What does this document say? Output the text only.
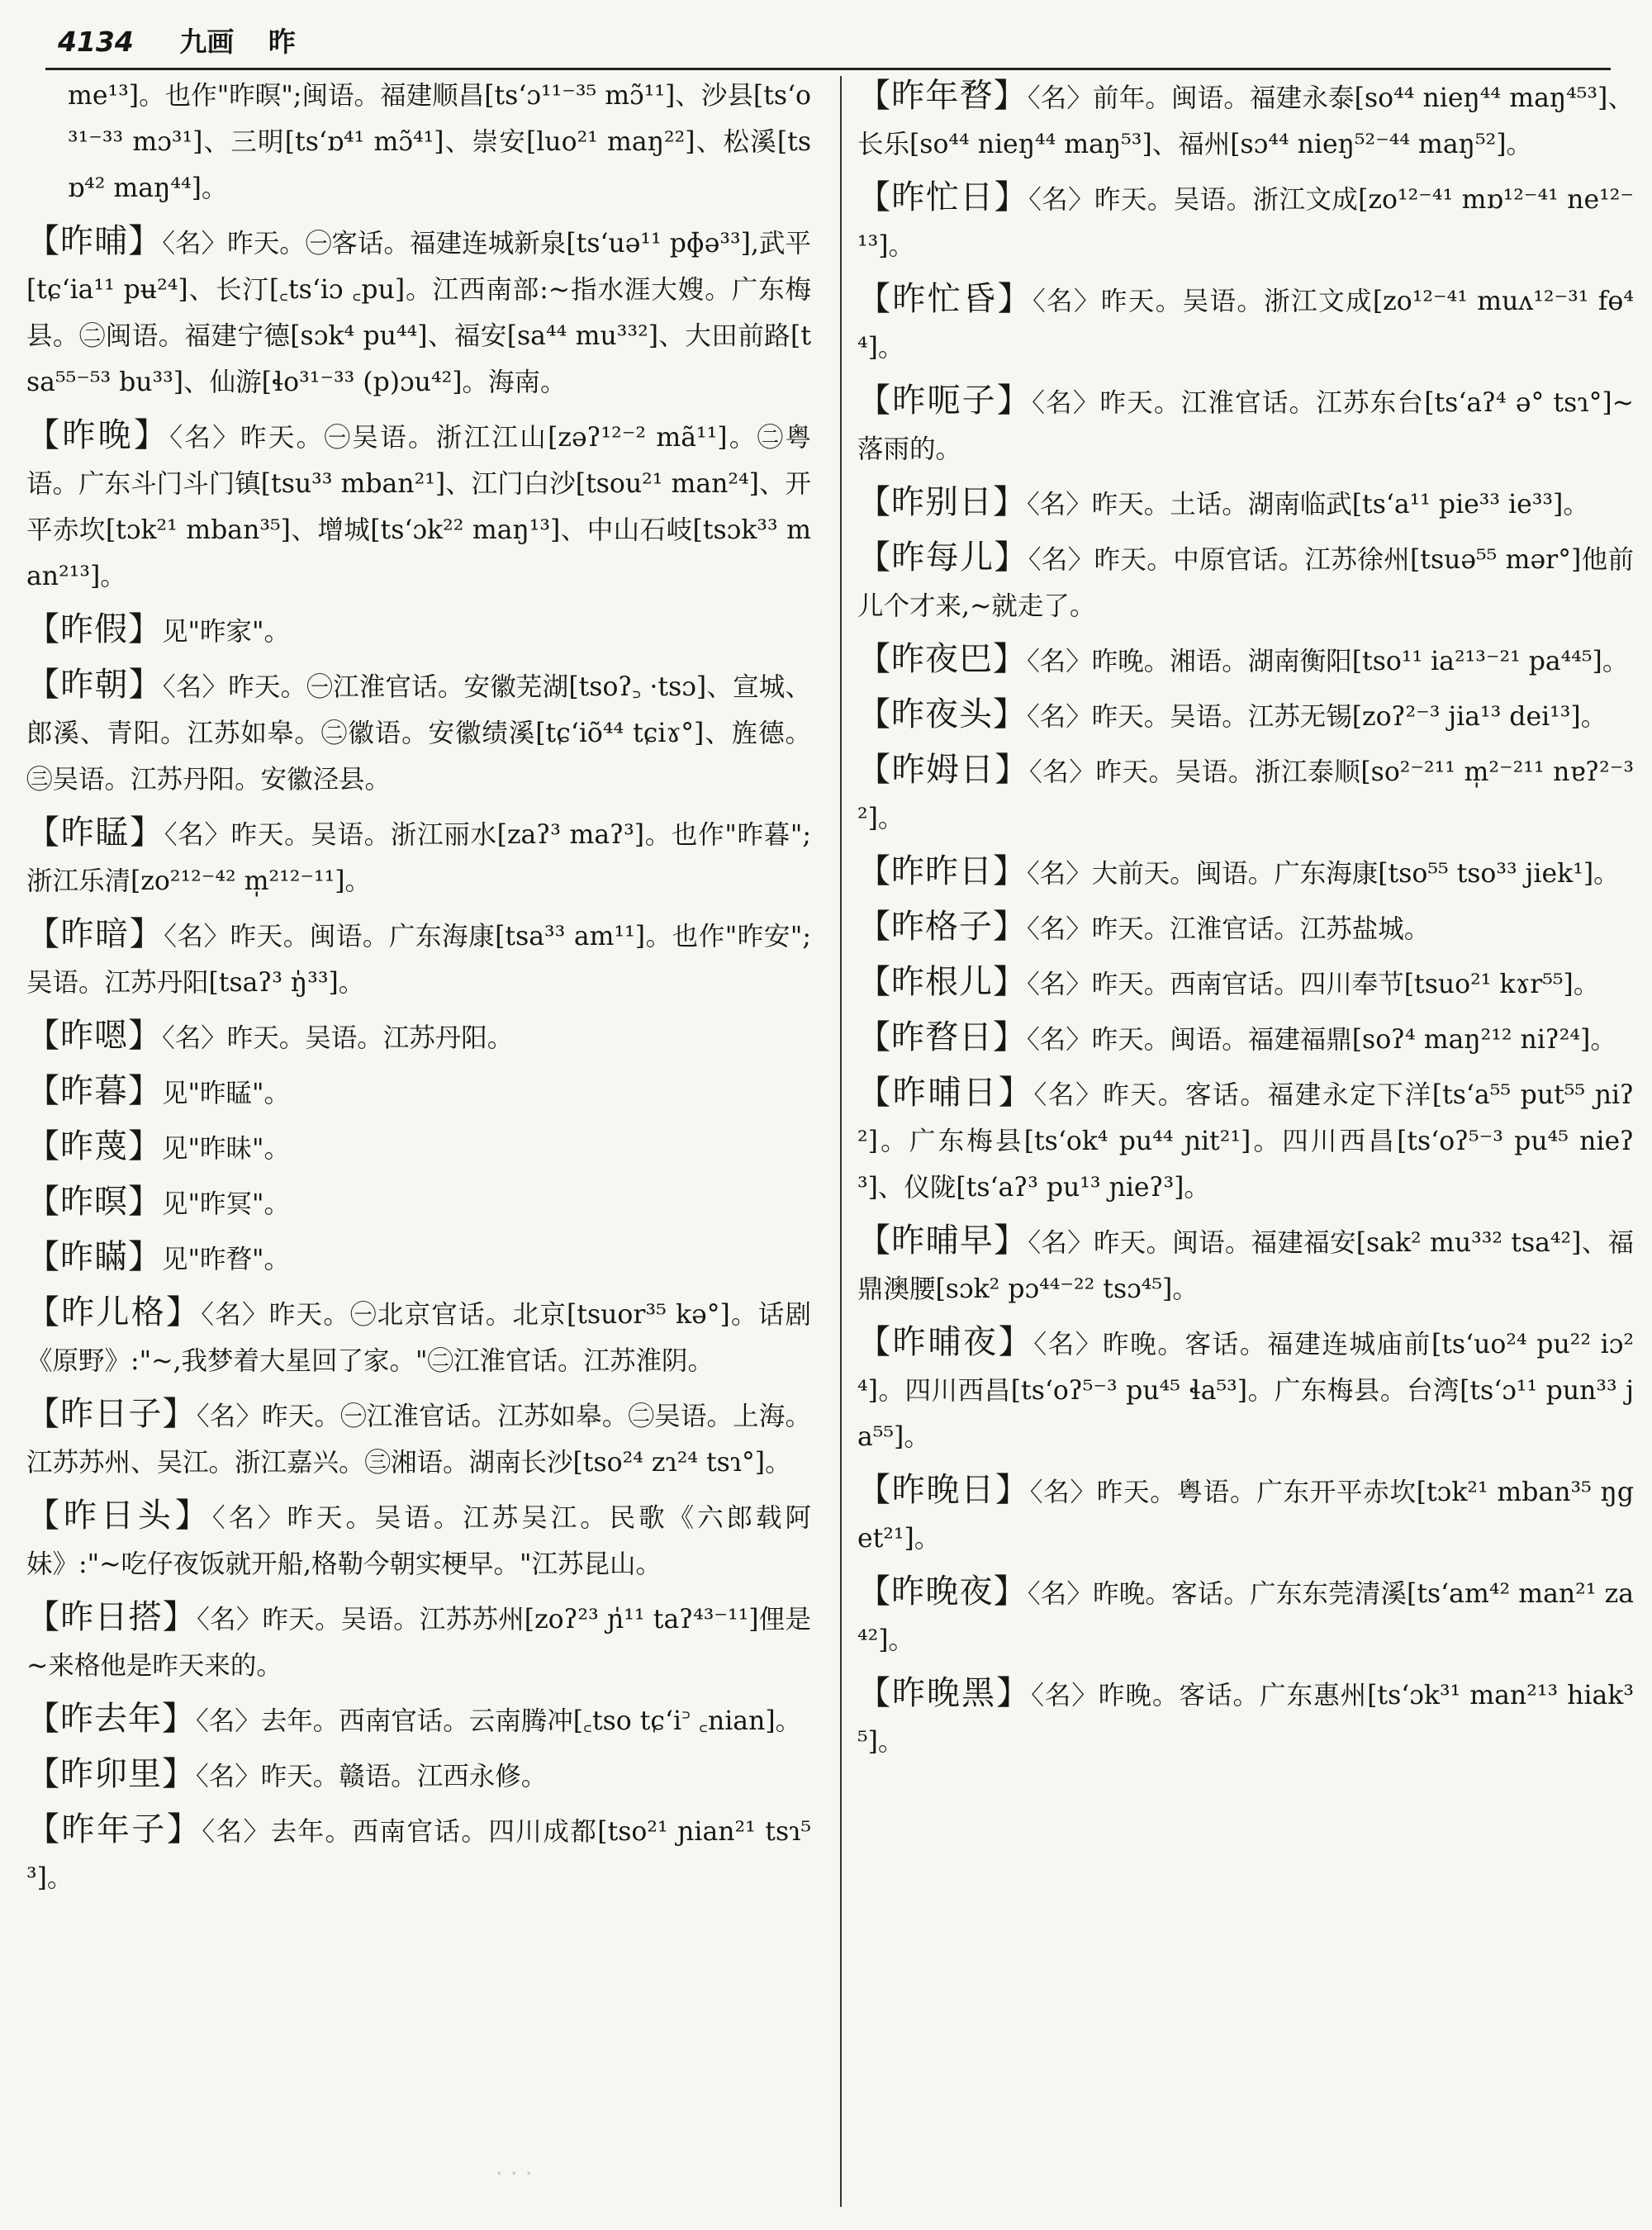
4134 九画 昨
me¹³]。也作"昨暝";闽语。福建顺昌[tsʻɔ¹¹⁻³⁵ mɔ̃¹¹]、沙县[tsʻo³¹⁻³³ mɔ³¹]、三明[tsʻɒ⁴¹ mɔ̃⁴¹]、崇安[luo²¹ maŋ²²]、松溪[tsɒ⁴² maŋ⁴⁴]。
【昨晡】〈名〉昨天。㊀客话。福建连城新泉[tsʻuə¹¹ pɸə³³],武平[tɕʻia¹¹ pʉ²⁴]、长汀[꜀tsʻiɔ ꜀pu]。江西南部:~指水涯大嫂。广东梅县。㊁闽语。福建宁德[sɔk⁴ pu⁴⁴]、福安[sa⁴⁴ mu³³²]、大田前路[tsa⁵⁵⁻⁵³ bu³³]、仙游[ɬo³¹⁻³³ (p)ɔu⁴²]。海南。
【昨晚】〈名〉昨天。㊀吴语。浙江江山[zəʔ¹²⁻² mã¹¹]。㊁粤语。广东斗门斗门镇[tsu³³ mban²¹]、江门白沙[tsou²¹ man²⁴]、开平赤坎[tɔk²¹ mban³⁵]、增城[tsʻɔk²² maŋ¹³]、中山石岐[tsɔk³³ man²¹³]。
【昨假】见"昨家"。
【昨朝】〈名〉昨天。㊀江淮官话。安徽芜湖[tsoʔ꜆ ·tsɔ]、宣城、郎溪、青阳。江苏如皋。㊁徽语。安徽绩溪[tɕʻiõ⁴⁴ tɕiɤ°]、旌德。㊂吴语。江苏丹阳。安徽泾县。
【昨䁅】〈名〉昨天。吴语。浙江丽水[zaʔ³ maʔ³]。也作"昨暮";浙江乐清[zo²¹²⁻⁴² m̩²¹²⁻¹¹]。
【昨暗】〈名〉昨天。闽语。广东海康[tsa³³ am¹¹]。也作"昨安";吴语。江苏丹阳[tsaʔ³ ŋ̍³³]。
【昨嗯】〈名〉昨天。吴语。江苏丹阳。
【昨暮】见"昨䁅"。
【昨蔑】见"昨昧"。
【昨暝】见"昨冥"。
【昨瞞】见"昨暓"。
【昨儿格】〈名〉昨天。㊀北京官话。北京[tsuor³⁵ kə°]。话剧《原野》:"~,我梦着大星回了家。"㊁江淮官话。江苏淮阴。
【昨日子】〈名〉昨天。㊀江淮官话。江苏如皋。㊁吴语。上海。江苏苏州、吴江。浙江嘉兴。㊂湘语。湖南长沙[tso²⁴ zɿ²⁴ tsɿ°]。
【昨日头】〈名〉昨天。吴语。江苏吴江。民歌《六郎载阿妹》:"~吃仔夜饭就开船,格勒今朝实梗早。"江苏昆山。
【昨日搭】〈名〉昨天。吴语。江苏苏州[zoʔ²³ ɲ̍¹¹ taʔ⁴³⁻¹¹]俚是~来格他是昨天来的。
【昨去年】〈名〉去年。西南官话。云南腾冲[꜀tso tɕʻi꜄ ꜀nian]。
【昨卯里】〈名〉昨天。赣语。江西永修。
【昨年子】〈名〉去年。西南官话。四川成都[tso²¹ ɲian²¹ tsɿ⁵³]。
【昨年暓】〈名〉前年。闽语。福建永泰[so⁴⁴ nieŋ⁴⁴ maŋ⁴⁵³]、长乐[so⁴⁴ nieŋ⁴⁴ maŋ⁵³]、福州[sɔ⁴⁴ nieŋ⁵²⁻⁴⁴ maŋ⁵²]。
【昨忙日】〈名〉昨天。吴语。浙江文成[zo¹²⁻⁴¹ mɒ¹²⁻⁴¹ ne¹²⁻¹³]。
【昨忙昏】〈名〉昨天。吴语。浙江文成[zo¹²⁻⁴¹ muʌ¹²⁻³¹ fɵ⁴⁴]。
【昨呃子】〈名〉昨天。江淮官话。江苏东台[tsʻaʔ⁴ ə° tsɿ°]~落雨的。
【昨别日】〈名〉昨天。土话。湖南临武[tsʻa¹¹ pie³³ ie³³]。
【昨每儿】〈名〉昨天。中原官话。江苏徐州[tsuə⁵⁵ mər°]他前儿个才来,~就走了。
【昨夜巴】〈名〉昨晚。湘语。湖南衡阳[tso¹¹ ia²¹³⁻²¹ pa⁴⁴⁵]。
【昨夜头】〈名〉昨天。吴语。江苏无锡[zoʔ²⁻³ jia¹³ dei¹³]。
【昨姆日】〈名〉昨天。吴语。浙江泰顺[so²⁻²¹¹ m̩²⁻²¹¹ nɐʔ²⁻³²]。
【昨昨日】〈名〉大前天。闽语。广东海康[tso⁵⁵ tso³³ jiek¹]。
【昨格子】〈名〉昨天。江淮官话。江苏盐城。
【昨根儿】〈名〉昨天。西南官话。四川奉节[tsuo²¹ kɤr⁵⁵]。
【昨暓日】〈名〉昨天。闽语。福建福鼎[soʔ⁴ maŋ²¹² niʔ²⁴]。
【昨晡日】〈名〉昨天。客话。福建永定下洋[tsʻa⁵⁵ put⁵⁵ ɲiʔ²]。广东梅县[tsʻok⁴ pu⁴⁴ ɲit²¹]。四川西昌[tsʻoʔ⁵⁻³ pu⁴⁵ nieʔ³]、仪陇[tsʻaʔ³ pu¹³ ɲieʔ³]。
【昨晡早】〈名〉昨天。闽语。福建福安[sak² mu³³² tsa⁴²]、福鼎澳腰[sɔk² pɔ⁴⁴⁻²² tsɔ⁴⁵]。
【昨晡夜】〈名〉昨晚。客话。福建连城庙前[tsʻuo²⁴ pu²² iɔ²⁴]。四川西昌[tsʻoʔ⁵⁻³ pu⁴⁵ ɬa⁵³]。广东梅县。台湾[tsʻɔ¹¹ pun³³ ja⁵⁵]。
【昨晚日】〈名〉昨天。粤语。广东开平赤坎[tɔk²¹ mban³⁵ ŋget²¹]。
【昨晚夜】〈名〉昨晚。客话。广东东莞清溪[tsʻam⁴² man²¹ za⁴²]。
【昨晚黑】〈名〉昨晚。客话。广东惠州[tsʻɔk³¹ man²¹³ hiak³⁵]。
· · ·
